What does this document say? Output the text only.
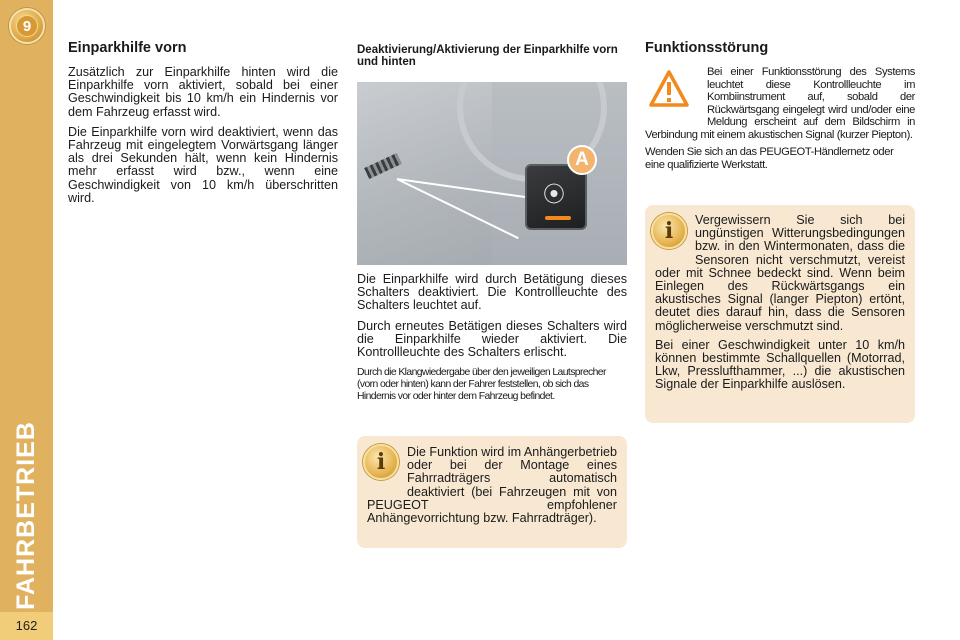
9
FAHRBETRIEB
162
Einparkhilfe vorn

Zusätzlich zur Einparkhilfe hinten wird die Einparkhilfe vorn aktiviert, sobald bei einer Geschwindigkeit bis 10 km/h ein Hindernis vor dem Fahrzeug erfasst wird.

Die Einparkhilfe vorn wird deaktiviert, wenn das Fahrzeug mit eingelegtem Vorwärtsgang länger als drei Sekunden hält, wenn kein Hindernis mehr erfasst wird bzw., wenn eine Geschwindigkeit von 10 km/h überschritten wird.

Deaktivierung/Aktivierung der Einparkhilfe vorn und hinten
⦿
A

Die Einparkhilfe wird durch Betätigung dieses Schalters deaktiviert. Die Kontrollleuchte des Schalters leuchtet auf.

Durch erneutes Betätigen dieses Schalters wird die Einparkhilfe wieder aktiviert. Die Kontrollleuchte des Schalters erlischt.

Durch die Klangwiedergabe über den jeweiligen Lautsprecher (vorn oder hinten) kann der Fahrer feststellen, ob sich das Hindernis vor oder hinter dem Fahrzeug befindet.

i	Die Funktion wird im Anhängerbetrieb oder bei der Montage eines Fahrradträgers automatisch deaktiviert (bei Fahrzeugen mit von PEUGEOT empfohlener Anhängevorrichtung bzw. Fahrradträger).

Funktionsstörung

Bei einer Funktionsstörung des Systems leuchtet diese Kontrollleuchte im Kombiinstrument auf, sobald der Rückwärtsgang eingelegt wird und/oder eine Meldung erscheint auf dem Bildschirm in Verbindung mit einem akustischen Signal (kurzer Piepton).

Wenden Sie sich an das PEUGEOT-Händlernetz oder eine qualifizierte Werkstatt.

i	Vergewissern Sie sich bei ungünstigen Witterungsbedingungen bzw. in den Wintermonaten, dass die Sensoren nicht verschmutzt, vereist oder mit Schnee bedeckt sind. Wenn beim Einlegen des Rückwärtsgangs ein akustisches Signal (langer Piepton) ertönt, deutet dies darauf hin, dass die Sensoren möglicherweise verschmutzt sind.

Bei einer Geschwindigkeit unter 10 km/h können bestimmte Schallquellen (Motorrad, Lkw, Presslufthammer, ...) die akustischen Signale der Einparkhilfe auslösen.
